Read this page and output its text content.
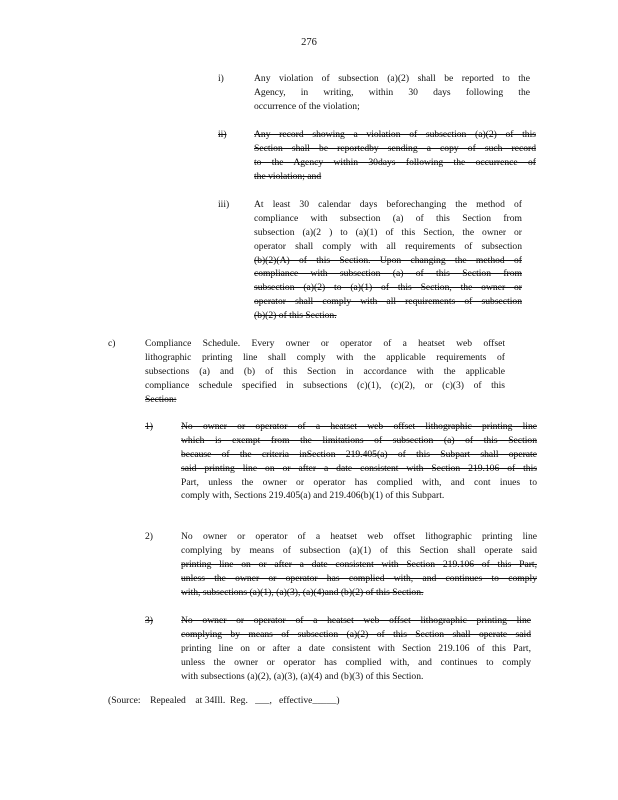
276
i)	Any violation of subsection (a)(2) shall be reported to the
Agency, in writing, within 30 days following the
occurrence of the violation;
ii)	Any record showing a violation of subsection (a)(2) of this
Section shall be reportedby sending a copy of such record
to the Agency within 30days following the occurrence of
the violation; and
iii)	At least 30 calendar days beforechanging the method of
compliance with subsection (a) of this Section from
subsection (a)(2 ) to (a)(1) of this Section, the owner or
operator shall comply with all requirements of subsection
(b)(2)(A) of this Section. Upon changing the method of
compliance with subsection (a) of this Section from
subsection (a)(2) to (a)(1) of this Section, the owner or
operator shall comply with all requirements of subsection
(b)(2) of this Section.
c)	Compliance Schedule. Every owner or operator of a heatset web offset
lithographic printing line shall comply with the applicable requirements of
subsections (a) and (b) of this Section in accordance with the applicable
compliance schedule specified in subsections (c)(1), (c)(2), or (c)(3) of this
Section:
1)	No owner or operator of a heatset web offset lithographic printing line
which is exempt from the limitations of subsection (a) of this Section
because of the criteria inSection 219.405(a) of this Subpart shall operate
said printing line on or after a date consistent with Section 219.106 of this
Part, unless the owner or operator has complied with, and cont inues to
comply with, Sections 219.405(a) and 219.406(b)(1) of this Subpart.
2)	No owner or operator of a heatset web offset lithographic printing line
complying by means of subsection (a)(1) of this Section shall operate said
printing line on or after a date consistent with Section 219.106 of this Part,
unless the owner or operator has complied with, and continues to comply
with, subsections (a)(1), (a)(3), (a)(4)and (b)(2) of this Section.
3)	No owner or operator of a heatset web offset lithographic printing line
complying by means of subsection (a)(2) of this Section shall operate said
printing line on or after a date consistent with Section 219.106 of this Part,
unless the owner or operator has complied with, and continues to comply
with subsections (a)(2), (a)(3), (a)(4) and (b)(3) of this Section.
(Source:    Repealed    at 34Ill.  Reg.   ___,   effective_____)
